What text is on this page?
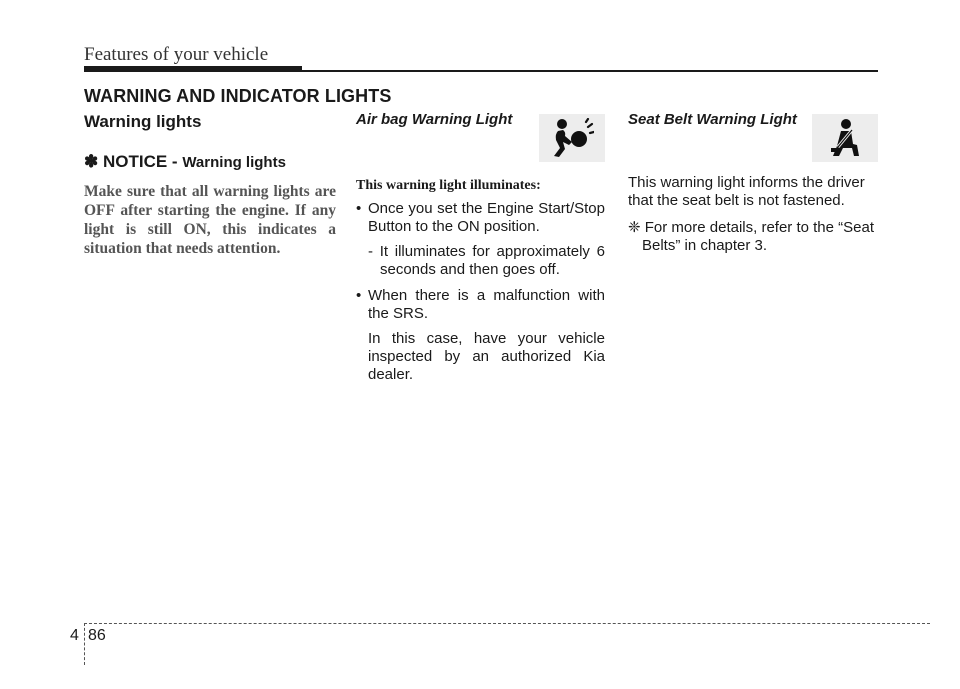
Features of your vehicle
WARNING AND INDICATOR LIGHTS
Warning lights
✽ NOTICE - Warning lights
Make sure that all warning lights are OFF after starting the engine. If any light is still ON, this indicates a situation that needs attention.
Air bag Warning Light
This warning light illuminates:
• Once you set the Engine Start/Stop Button to the ON position.
- It illuminates for approximately 6 seconds and then goes off.
• When there is a malfunction with the SRS.
In this case, have your vehicle inspected by an authorized Kia dealer.
Seat Belt Warning Light
This warning light informs the driver that the seat belt is not fastened.
❈ For more details, refer to the “Seat Belts” in chapter 3.
4 86
